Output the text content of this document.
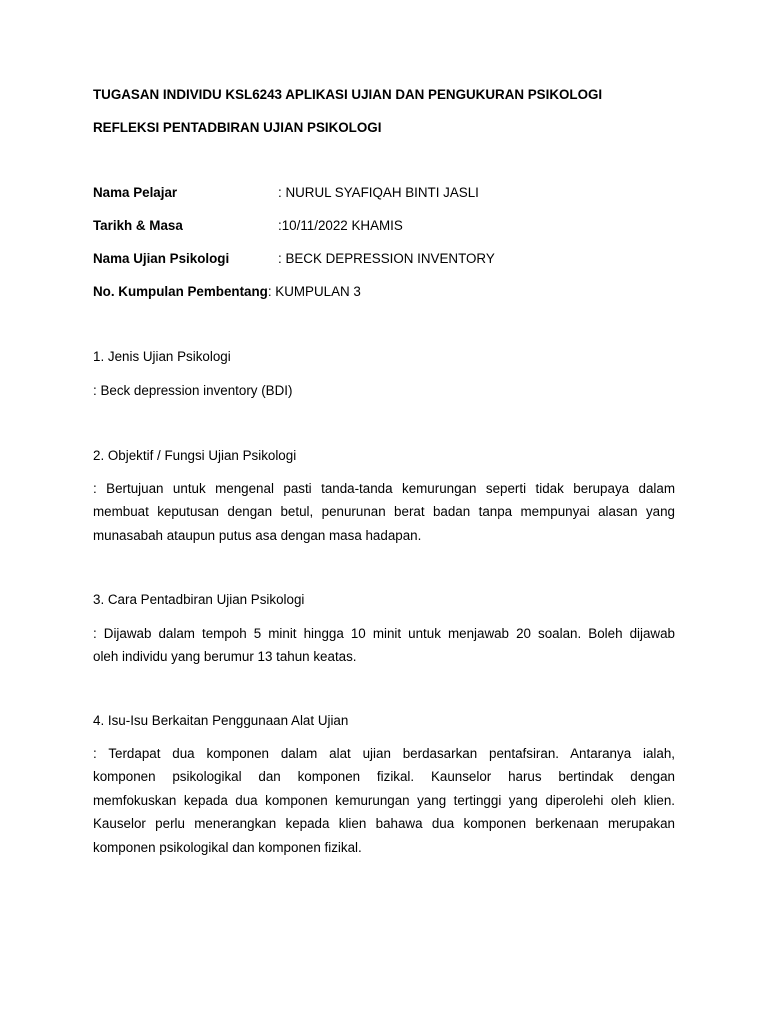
TUGASAN INDIVIDU KSL6243 APLIKASI UJIAN DAN PENGUKURAN PSIKOLOGI
REFLEKSI PENTADBIRAN UJIAN PSIKOLOGI
Nama Pelajar	: NURUL SYAFIQAH BINTI JASLI
Tarikh & Masa	:10/11/2022 KHAMIS
Nama Ujian Psikologi	: BECK DEPRESSION INVENTORY
No. Kumpulan Pembentang: KUMPULAN 3
1. Jenis Ujian Psikologi
: Beck depression inventory (BDI)
2. Objektif / Fungsi Ujian Psikologi
: Bertujuan untuk mengenal pasti tanda-tanda kemurungan seperti tidak berupaya dalam
membuat keputusan dengan betul, penurunan berat badan tanpa mempunyai alasan yang
munasabah ataupun putus asa dengan masa hadapan.
3. Cara Pentadbiran Ujian Psikologi
: Dijawab dalam tempoh 5 minit hingga 10 minit untuk menjawab 20 soalan. Boleh dijawab
oleh individu yang berumur 13 tahun keatas.
4. Isu-Isu Berkaitan Penggunaan Alat Ujian
: Terdapat dua komponen dalam alat ujian berdasarkan pentafsiran. Antaranya ialah,
komponen psikologikal dan komponen fizikal. Kaunselor harus bertindak dengan
memfokuskan kepada dua komponen kemurungan yang tertinggi yang diperolehi oleh klien.
Kauselor perlu menerangkan kepada klien bahawa dua komponen berkenaan merupakan
komponen psikologikal dan komponen fizikal.
